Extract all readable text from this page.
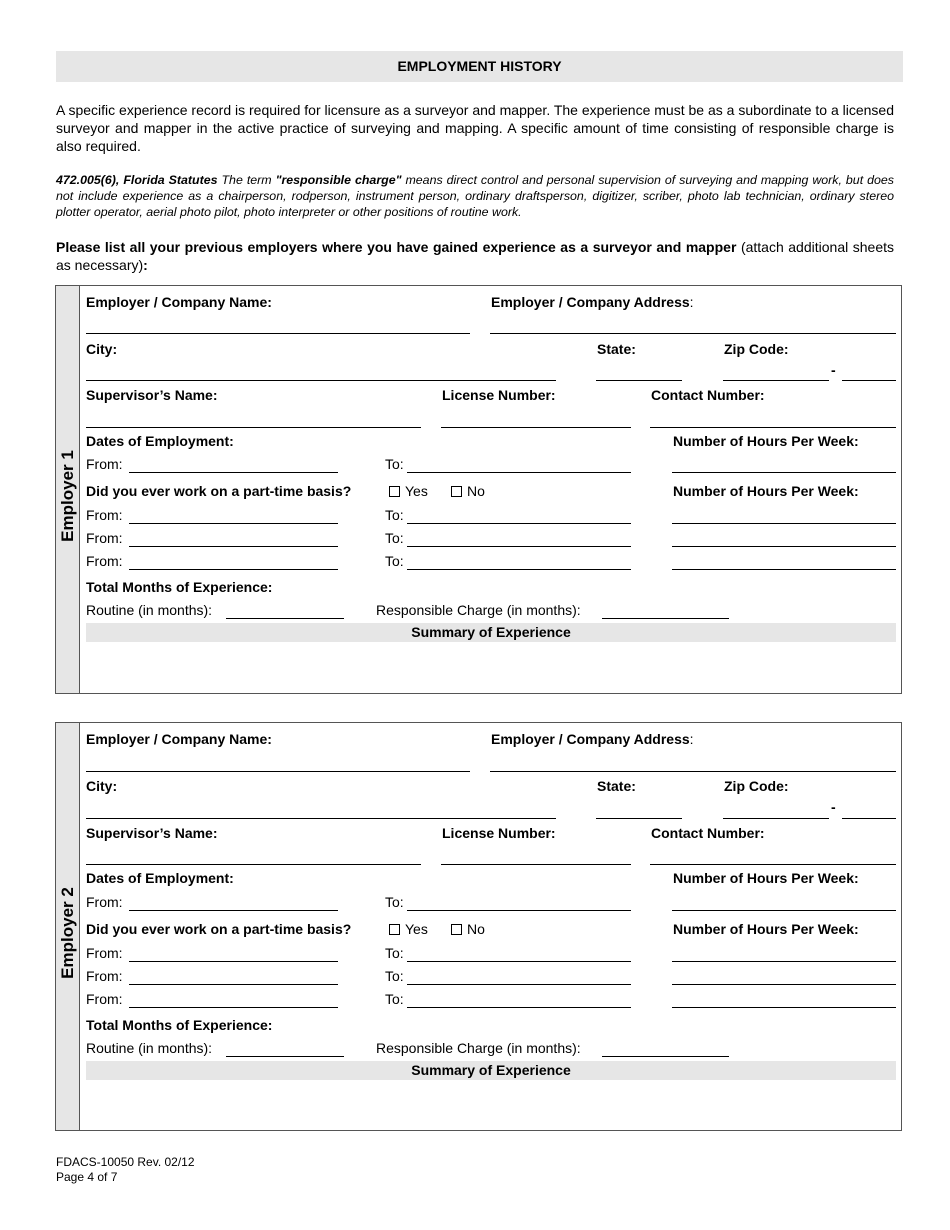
EMPLOYMENT HISTORY
A specific experience record is required for licensure as a surveyor and mapper. The experience must be as a subordinate to a licensed surveyor and mapper in the active practice of surveying and mapping. A specific amount of time consisting of responsible charge is also required.
472.005(6), Florida Statutes The term "responsible charge" means direct control and personal supervision of surveying and mapping work, but does not include experience as a chairperson, rodperson, instrument person, ordinary draftsperson, digitizer, scriber, photo lab technician, ordinary stereo plotter operator, aerial photo pilot, photo interpreter or other positions of routine work.
Please list all your previous employers where you have gained experience as a surveyor and mapper (attach additional sheets as necessary):
Employer 1
Employer / Company Name:	Employer / Company Address:
City:	State:	Zip Code:
-
Supervisor’s Name:	License Number:	Contact Number:
Dates of Employment:	Number of Hours Per Week:
From:	To:
Did you ever work on a part-time basis?	Yes	No	Number of Hours Per Week:
From:	To:
From:	To:
From:	To:
Total Months of Experience:
Routine (in months):	Responsible Charge (in months):
Summary of Experience
Employer 2
Employer / Company Name:	Employer / Company Address:
City:	State:	Zip Code:
-
Supervisor’s Name:	License Number:	Contact Number:
Dates of Employment:	Number of Hours Per Week:
From:	To:
Did you ever work on a part-time basis?	Yes	No	Number of Hours Per Week:
From:	To:
From:	To:
From:	To:
Total Months of Experience:
Routine (in months):	Responsible Charge (in months):
Summary of Experience
FDACS-10050 Rev. 02/12
Page 4 of 7
